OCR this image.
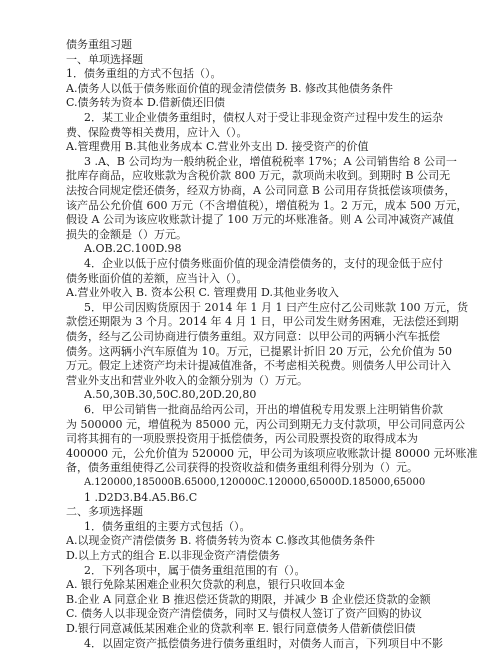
债务重组习题
一、单项选择题
1．债务重组的方式不包括（）。
A.债务人以低于债务账面价值的现金清偿债务 B. 修改其他债务条件
C.债务转为资本 D.借新债还旧债
2．某工业企业债务重组时，债权人对于受让非现金资产过程中发生的运杂
费、保险费等相关费用，应计入（）。
A.管理费用 B.其他业务成本 C.营业外支出 D. 接受资产的价值
3 .A、B 公司均为一般纳税企业，增值税税率 17%；A 公司销售给 8 公司一
批库存商品，应收账款为含税价款 800 万元，款项尚未收到。到期时 B 公司无
法按合同规定偿还债务，经双方协商，A 公司同意 B 公司用存货抵偿该项债务，
该产品公允价值 600 万元（不含增值税），增值税为 1。2 万元，成本 500 万元，
假设 A 公司为该应收账款计提了 100 万元的坏账准备。则 A 公司冲减资产减值
损失的金额是（）万元。
A.OB.2C.100D.98
4．企业以低于应付债务账面价值的现金清偿债务的，支付的现金低于应付
债务账面价值的差额，应当计入（）。
A.营业外收入 B. 资本公积 C. 管理费用 D.其他业务收入
5．甲公司因购货原因于 2014 年 1 月 1 曰产生应付乙公司账款 100 万元，货
款偿还期限为 3 个月。2014 年 4 月 1 日，甲公司发生财务困难，无法偿还到期
债务，经与乙公司协商进行债务重组。双方同意：以甲公司的两辆小汽车抵偿
债务。这两辆小汽车原值为 10。万元，已提累计折旧 20 万元，公允价值为 50
万元。假定上述资产均未计提减值准备，不考虑相关税费。则债务人甲公司计入
营业外支出和营业外收入的金额分别为（）万元。
A.50,30B.30,50C.80,20D.20,80
6．甲公司销售一批商品给丙公司，开出的增值税专用发票上注明销售价款
为 500000 元，增值税为 85000 元，丙公司到期无力支付款项，甲公司同意丙公
司将其拥有的一项股票投资用于抵偿债务，丙公司股票投资的取得成本为
400000 元，公允价值为 520000 元，甲公司为该项应收账款计提 80000 元坏账准
备，债务重组使得乙公司获得的投资收益和债务重组利得分别为（）元。
A.120000,185000B.65000,120000C.120000,65000D.185000,65000
1 .D2D3.B4.A5.B6.C
二、多项选择题
1．债务重组的主要方式包括（）。
A.以现金资产清偿债务 B. 将债务转为资本 C.修改其他债务条件
D.以上方式的组合 E.以非现金资产清偿债务
2．下列各项中，属于债务重组范围的有（）。
A. 银行免除某困难企业积欠贷款的利息，银行只收回本金
B.企业 A 同意企业 B 推迟偿还货款的期限，并减少 B 企业偿还贷款的金额
C. 债务人以非现金资产清偿债务，同时又与债权人签订了资产回购的协议
D.银行同意减低某困难企业的贷款利率 E. 银行同意债务人借新债偿旧债
4．以固定资产抵偿债务进行债务重组时，对债务人而言，下列项目中不影
